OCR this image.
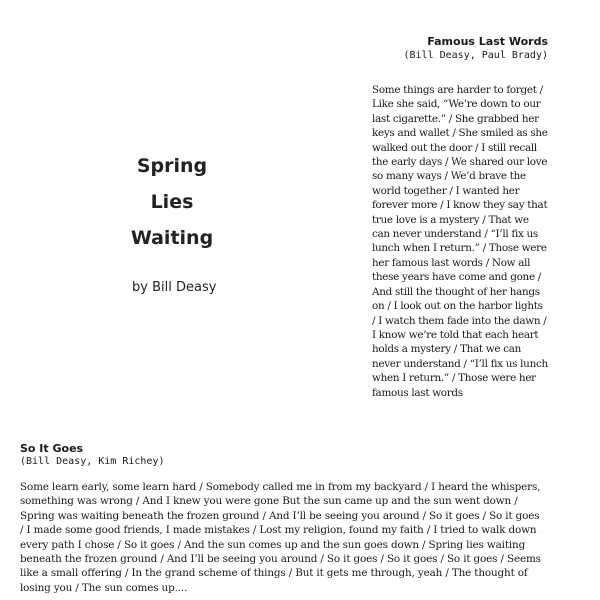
Spring
Lies
Waiting

by Bill Deasy

Famous Last Words

(Bill Deasy, Paul Brady)

Some things are harder to forget / Like she said, “We’re down to our last cigarette.” / She grabbed her keys and wallet / She smiled as she walked out the door / I still recall the early days / We shared our love so many ways / We’d brave the world together / I wanted her forever more / I know they say that true love is a mystery / That we can never understand / “I’ll fix us lunch when I return.” / Those were her famous last words / Now all these years have come and gone / And still the thought of her hangs on / I look out on the harbor lights / I watch them fade into the dawn / I know we’re told that each heart holds a mystery / That we can never understand / “I’ll fix us lunch when I return.” / Those were her famous last words

So It Goes

(Bill Deasy, Kim Richey)

Some learn early, some learn hard / Somebody called me in from my backyard / I heard the whispers, something was wrong / And I knew you were gone But the sun came up and the sun went down / Spring was waiting beneath the frozen ground / And I’ll be seeing you around / So it goes / So it goes / I made some good friends, I made mistakes / Lost my religion, found my faith / I tried to walk down every path I chose / So it goes / And the sun comes up and the sun goes down / Spring lies waiting beneath the frozen ground / And I’ll be seeing you around / So it goes / So it goes / So it goes / Seems like a small offering / In the grand scheme of things / But it gets me through, yeah / The thought of losing you / The sun comes up....
